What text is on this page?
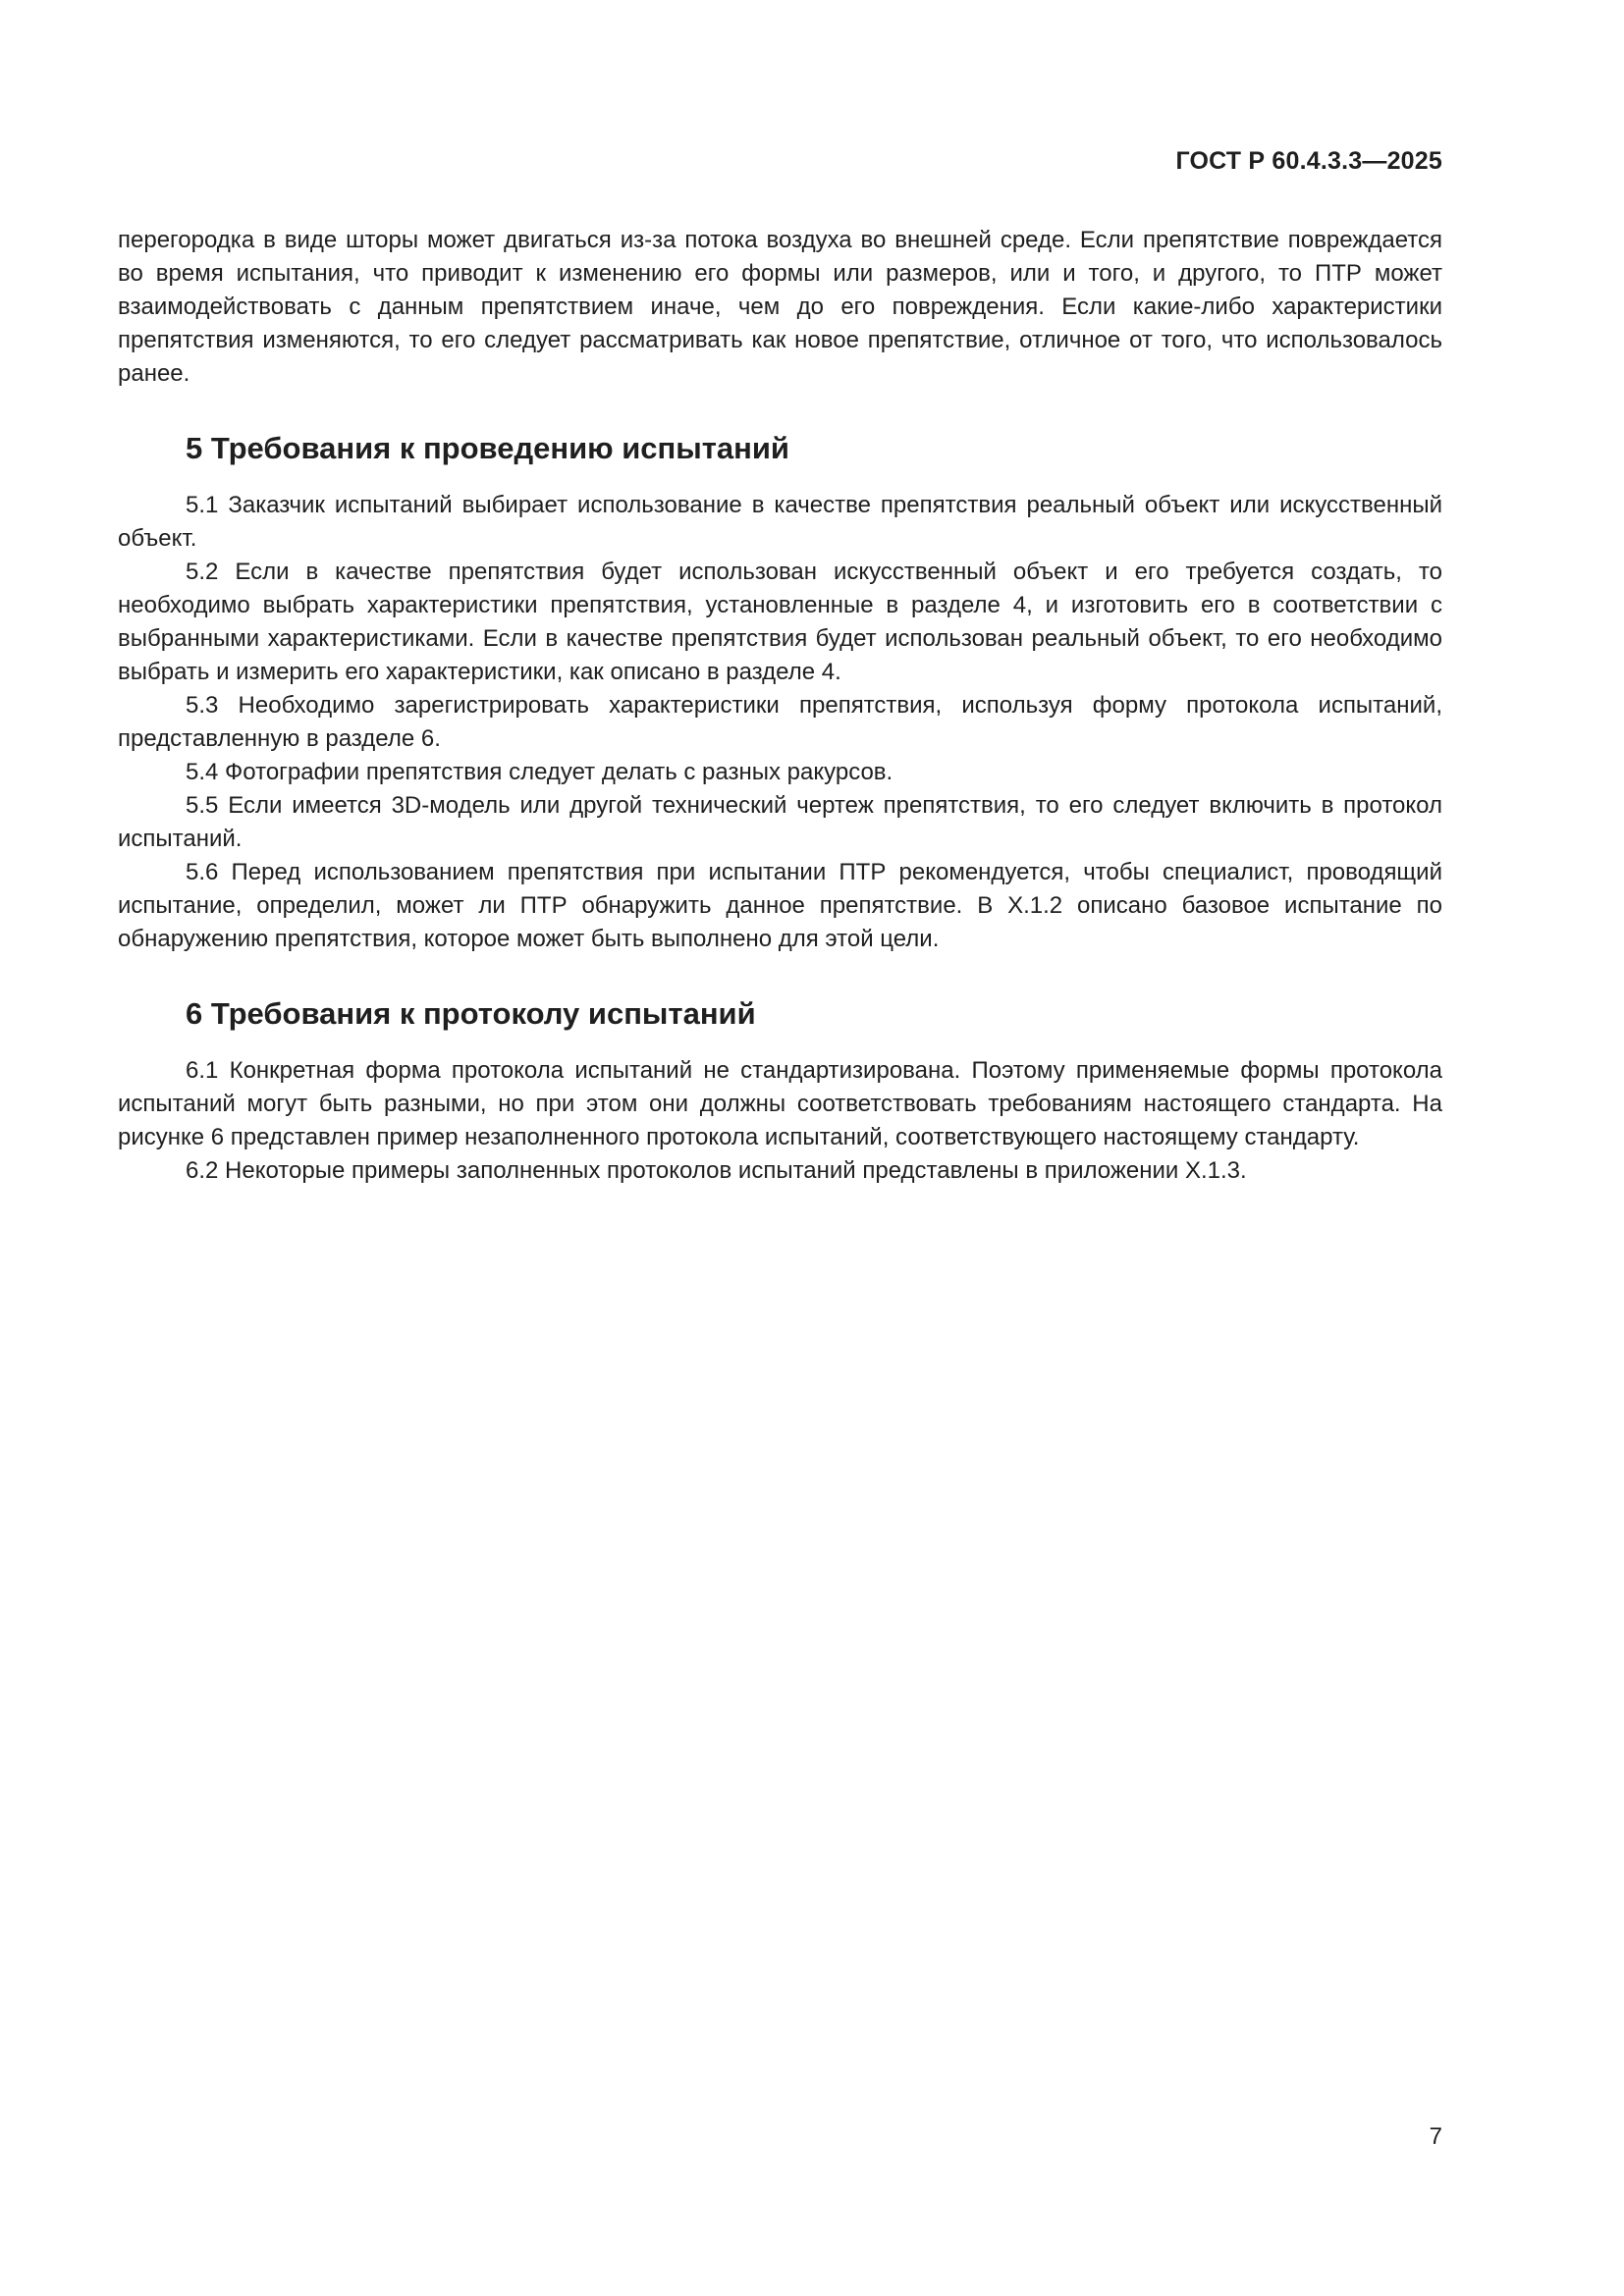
ГОСТ Р 60.4.3.3—2025

перегородка в виде шторы может двигаться из-за потока воздуха во внешней среде. Если препятствие повреждается во время испытания, что приводит к изменению его формы или размеров, или и того, и другого, то ПТР может взаимодействовать с данным препятствием иначе, чем до его повреждения. Если какие-либо характеристики препятствия изменяются, то его следует рассматривать как новое препятствие, отличное от того, что использовалось ранее.

5 Требования к проведению испытаний

5.1 Заказчик испытаний выбирает использование в качестве препятствия реальный объект или искусственный объект.

5.2 Если в качестве препятствия будет использован искусственный объект и его требуется создать, то необходимо выбрать характеристики препятствия, установленные в разделе 4, и изготовить его в соответствии с выбранными характеристиками. Если в качестве препятствия будет использован реальный объект, то его необходимо выбрать и измерить его характеристики, как описано в разделе 4.

5.3 Необходимо зарегистрировать характеристики препятствия, используя форму протокола испытаний, представленную в разделе 6.

5.4 Фотографии препятствия следует делать с разных ракурсов.

5.5 Если имеется 3D-модель или другой технический чертеж препятствия, то его следует включить в протокол испытаний.

5.6 Перед использованием препятствия при испытании ПТР рекомендуется, чтобы специалист, проводящий испытание, определил, может ли ПТР обнаружить данное препятствие. В Х.1.2 описано базовое испытание по обнаружению препятствия, которое может быть выполнено для этой цели.

6 Требования к протоколу испытаний

6.1 Конкретная форма протокола испытаний не стандартизирована. Поэтому применяемые формы протокола испытаний могут быть разными, но при этом они должны соответствовать требованиям настоящего стандарта. На рисунке 6 представлен пример незаполненного протокола испытаний, соответствующего настоящему стандарту.

6.2 Некоторые примеры заполненных протоколов испытаний представлены в приложении Х.1.3.

7
